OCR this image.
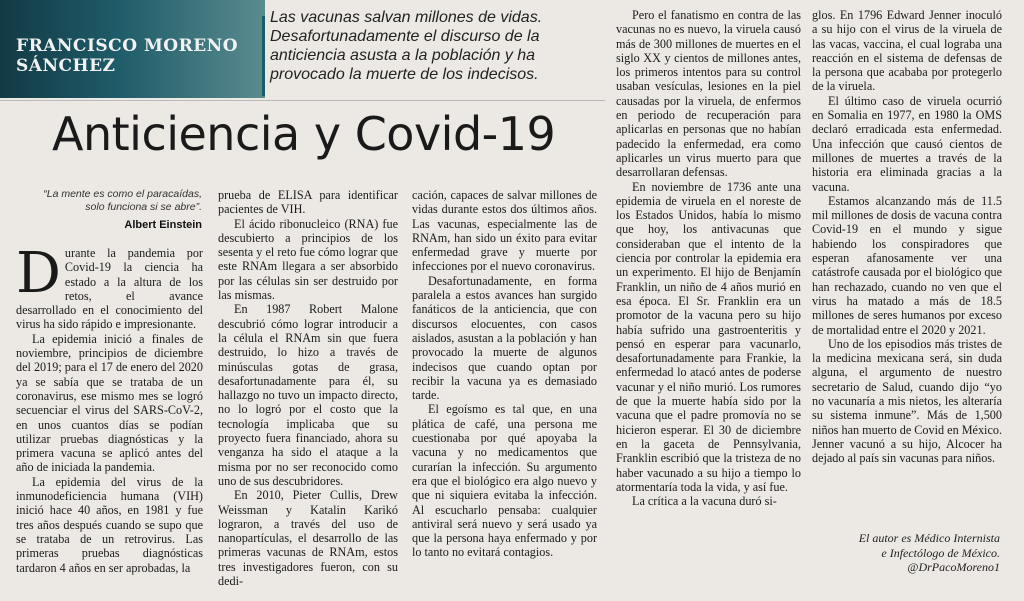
FRANCISCO MORENO SÁNCHEZ
Las vacunas salvan millones de vidas. Desafortunadamente el discurso de la anticiencia asusta a la población y ha provocado la muerte de los indecisos.
Anticiencia y Covid-19
“La mente es como el paracaídas, solo funciona si se abre”.
Albert Einstein

Durante la pandemia por Covid-19 la ciencia ha estado a la altura de los retos, el avance desarrollado en el conocimiento del virus ha sido rápido e impresionante.

La epidemia inició a finales de noviembre, principios de diciembre del 2019; para el 17 de enero del 2020 ya se sabía que se trataba de un coronavirus, ese mismo mes se logró secuenciar el virus del SARS-CoV-2, en unos cuantos días se podían utilizar pruebas diagnósticas y la primera vacuna se aplicó antes del año de iniciada la pandemia.

La epidemia del virus de la inmunodeficiencia humana (VIH) inició hace 40 años, en 1981 y fue tres años después cuando se supo que se trataba de un retrovirus. Las primeras pruebas diagnósticas tardaron 4 años en ser aprobadas, la

prueba de ELISA para identificar pacientes de VIH.

El ácido ribonucleico (RNA) fue descubierto a principios de los sesenta y el reto fue cómo lograr que este RNAm llegara a ser absorbido por las células sin ser destruido por las mismas.

En 1987 Robert Malone descubrió cómo lograr introducir a la célula el RNAm sin que fuera destruido, lo hizo a través de minúsculas gotas de grasa, desafortunadamente para él, su hallazgo no tuvo un impacto directo, no lo logró por el costo que la tecnología implicaba que su proyecto fuera financiado, ahora su venganza ha sido el ataque a la misma por no ser reconocido como uno de sus descubridores.

En 2010, Pieter Cullis, Drew Weissman y Katalin Karikó lograron, a través del uso de nanopartículas, el desarrollo de las primeras vacunas de RNAm, estos tres investigadores fueron, con su dedi-

cación, capaces de salvar millones de vidas durante estos dos últimos años. Las vacunas, especialmente las de RNAm, han sido un éxito para evitar enfermedad grave y muerte por infecciones por el nuevo coronavirus.

Desafortunadamente, en forma paralela a estos avances han surgido fanáticos de la anticiencia, que con discursos elocuentes, con casos aislados, asustan a la población y han provocado la muerte de algunos indecisos que cuando optan por recibir la vacuna ya es demasiado tarde.

El egoísmo es tal que, en una plática de café, una persona me cuestionaba por qué apoyaba la vacuna y no medicamentos que curarían la infección. Su argumento era que el biológico era algo nuevo y que ni siquiera evitaba la infección. Al escucharlo pensaba: cualquier antiviral será nuevo y será usado ya que la persona haya enfermado y por lo tanto no evitará contagios.

Pero el fanatismo en contra de las vacunas no es nuevo, la viruela causó más de 300 millones de muertes en el siglo XX y cientos de millones antes, los primeros intentos para su control usaban vesículas, lesiones en la piel causadas por la viruela, de enfermos en periodo de recuperación para aplicarlas en personas que no habían padecido la enfermedad, era como aplicarles un virus muerto para que desarrollaran defensas.

En noviembre de 1736 ante una epidemia de viruela en el noreste de los Estados Unidos, había lo mismo que hoy, los antivacunas que consideraban que el intento de la ciencia por controlar la epidemia era un experimento. El hijo de Benjamín Franklin, un niño de 4 años murió en esa época. El Sr. Franklin era un promotor de la vacuna pero su hijo había sufrido una gastroenteritis y pensó en esperar para vacunarlo, desafortunadamente para Frankie, la enfermedad lo atacó antes de poderse vacunar y el niño murió. Los rumores de que la muerte había sido por la vacuna que el padre promovía no se hicieron esperar. El 30 de diciembre en la gaceta de Pennsylvania, Franklin escribió que la tristeza de no haber vacunado a su hijo a tiempo lo atormentaría toda la vida, y así fue.

La crítica a la vacuna duró si-

glos. En 1796 Edward Jenner inoculó a su hijo con el virus de la viruela de las vacas, vaccina, el cual lograba una reacción en el sistema de defensas de la persona que acababa por protegerlo de la viruela.

El último caso de viruela ocurrió en Somalia en 1977, en 1980 la OMS declaró erradicada esta enfermedad. Una infección que causó cientos de millones de muertes a través de la historia era eliminada gracias a la vacuna.

Estamos alcanzando más de 11.5 mil millones de dosis de vacuna contra Covid-19 en el mundo y sigue habiendo los conspiradores que esperan afanosamente ver una catástrofe causada por el biológico que han rechazado, cuando no ven que el virus ha matado a más de 18.5 millones de seres humanos por exceso de mortalidad entre el 2020 y 2021.

Uno de los episodios más tristes de la medicina mexicana será, sin duda alguna, el argumento de nuestro secretario de Salud, cuando dijo “yo no vacunaría a mis nietos, les alteraría su sistema inmune”. Más de 1,500 niños han muerto de Covid en México. Jenner vacunó a su hijo, Alcocer ha dejado al país sin vacunas para niños.

El autor es Médico Internista
e Infectólogo de México.
@DrPacoMoreno1
